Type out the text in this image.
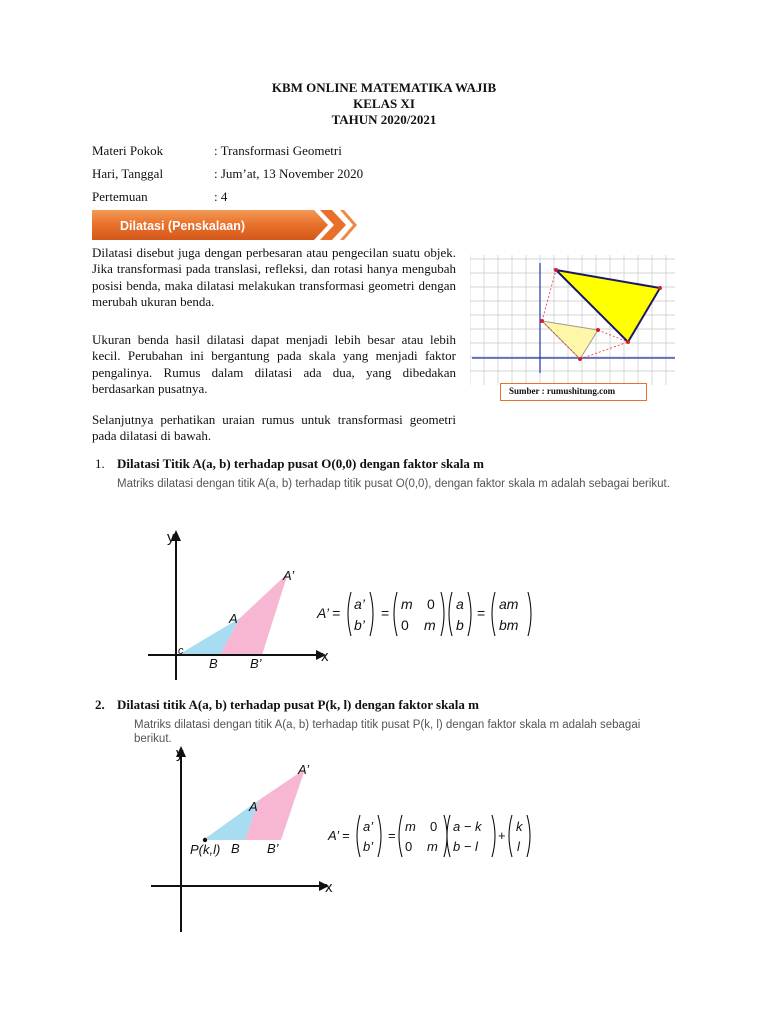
KBM ONLINE MATEMATIKA WAJIB
KELAS XI
TAHUN 2020/2021
Materi Pokok	: Transformasi Geometri
Hari, Tanggal	: Jum’at, 13 November 2020
Pertemuan	: 4
Dilatasi (Penskalaan)
Dilatasi disebut juga dengan perbesaran atau pengecilan suatu objek. Jika transformasi pada translasi, refleksi, dan rotasi hanya mengubah posisi benda, maka dilatasi melakukan transformasi geometri dengan merubah ukuran benda.
Ukuran benda hasil dilatasi dapat menjadi lebih besar atau lebih kecil. Perubahan ini bergantung pada skala yang menjadi faktor pengalinya. Rumus dalam dilatasi ada dua, yang dibedakan berdasarkan pusatnya.
Selanjutnya perhatikan uraian rumus untuk transformasi geometri pada dilatasi di bawah.
Sumber : rumushitung.com
1. Dilatasi Titik A(a, b) terhadap pusat O(0,0) dengan faktor skala m
Matriks dilatasi dengan titik A(a, b) terhadap titik pusat O(0,0), dengan faktor skala m adalah sebagai berikut.
y
x
A’
A
c
B B’
A’ =
a’
b’
=
m 0
0 m
a
b
=
am
bm
2. Dilatasi titik A(a, b) terhadap pusat P(k, l) dengan faktor skala m
Matriks dilatasi dengan titik A(a, b) terhadap titik pusat P(k, l) dengan faktor skala m adalah sebagai berikut.
y
x
A’
A
P(k,l) B B’
A’ =
a’
b’
=
m 0
0 m
a − k
b − l
+
k
l
